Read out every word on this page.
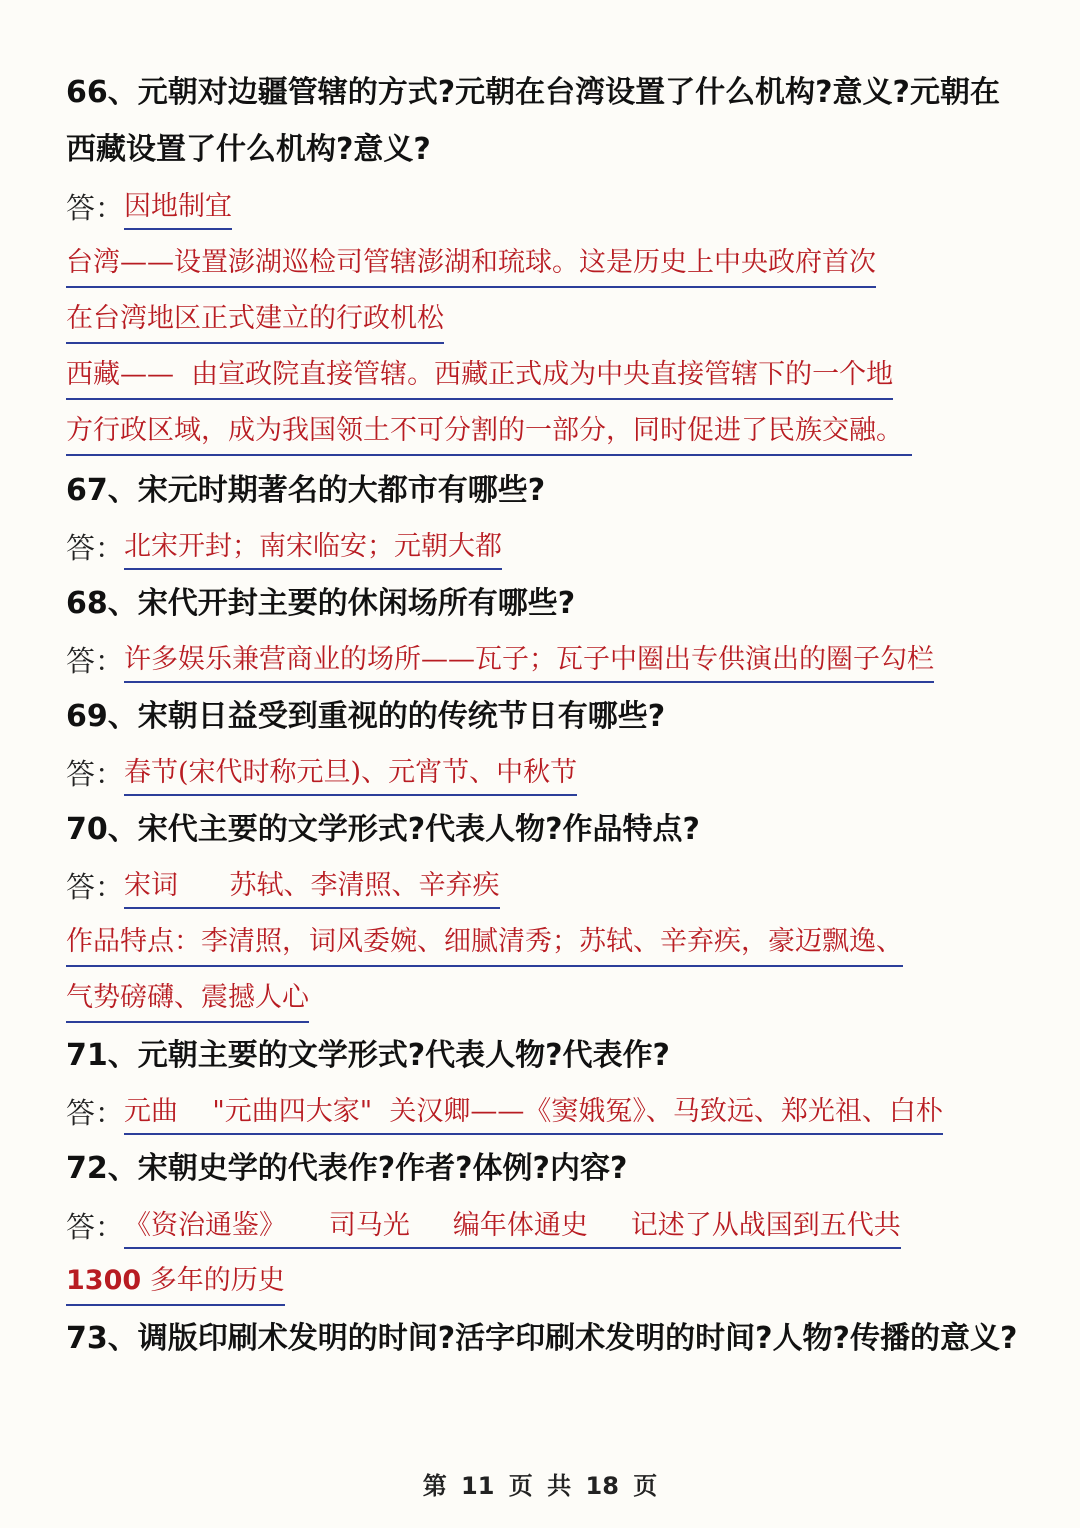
66、元朝对边疆管辖的方式?元朝在台湾设置了什么机构?意义?元朝在西藏设置了什么机构?意义?
答：因地制宜
台湾——设置澎湖巡检司管辖澎湖和琉球。这是历史上中央政府首次
在台湾地区正式建立的行政机松
西藏——  由宣政院直接管辖。西藏正式成为中央直接管辖下的一个地
方行政区域，成为我国领土不可分割的一部分，同时促进了民族交融。
67、宋元时期著名的大都市有哪些?
答：北宋开封；南宋临安；元朝大都
68、宋代开封主要的休闲场所有哪些?
答：许多娱乐兼营商业的场所——瓦子；瓦子中圈出专供演出的圈子勾栏
69、宋朝日益受到重视的的传统节日有哪些?
答：春节(宋代时称元旦)、元宵节、中秋节
70、宋代主要的文学形式?代表人物?作品特点?
答：宋词      苏轼、李清照、辛弃疾
作品特点：李清照，词风委婉、细腻清秀；苏轼、辛弃疾，豪迈飘逸、
气势磅礴、震撼人心
71、元朝主要的文学形式?代表人物?代表作?
答：元曲    "元曲四大家"  关汉卿——《窦娥冤》、马致远、郑光祖、白朴
72、宋朝史学的代表作?作者?体例?内容?
答：《资治通鉴》     司马光     编年体通史     记述了从战国到五代共
1300 多年的历史
73、调版印刷术发明的时间?活字印刷术发明的时间?人物?传播的意义?
第 11 页 共 18 页
